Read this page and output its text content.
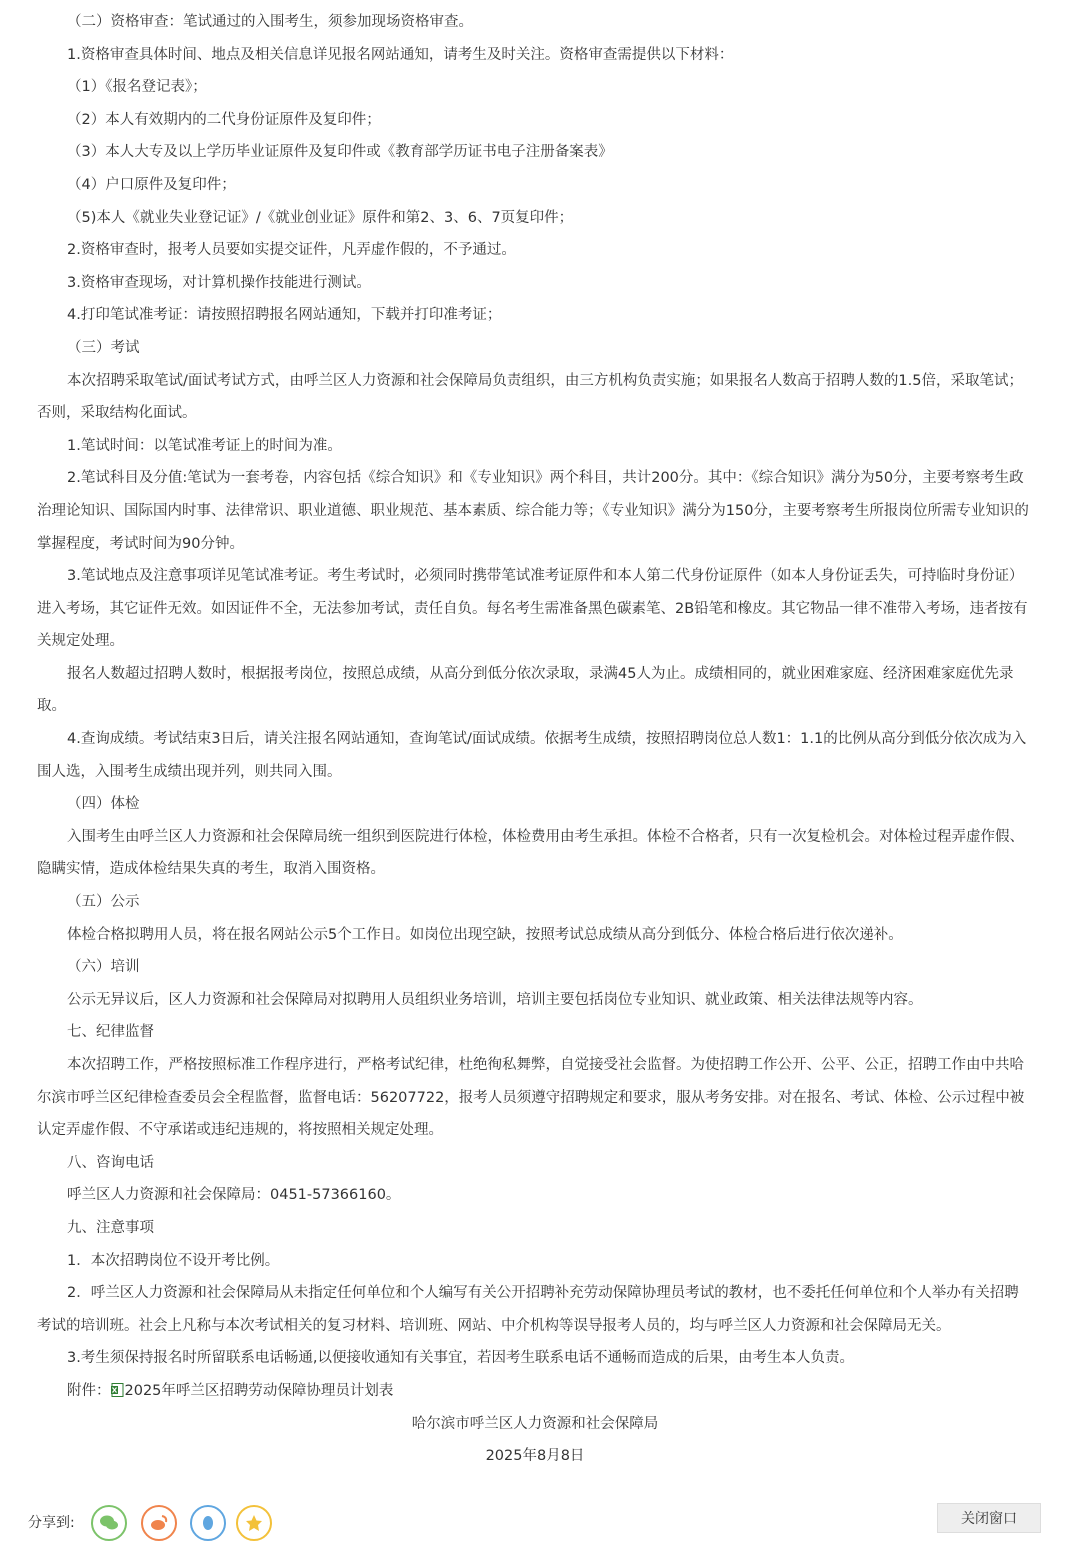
（二）资格审查：笔试通过的入围考生，须参加现场资格审查。

1.资格审查具体时间、地点及相关信息详见报名网站通知，请考生及时关注。资格审查需提供以下材料：

（1）《报名登记表》；

（2）本人有效期内的二代身份证原件及复印件；

（3）本人大专及以上学历毕业证原件及复印件或《教育部学历证书电子注册备案表》

（4）户口原件及复印件；

（5)本人《就业失业登记证》/《就业创业证》原件和第2、3、6、7页复印件；

2.资格审查时，报考人员要如实提交证件，凡弄虚作假的，不予通过。

3.资格审查现场，对计算机操作技能进行测试。

4.打印笔试准考证：请按照招聘报名网站通知，下载并打印准考证；

（三）考试

本次招聘采取笔试/面试考试方式，由呼兰区人力资源和社会保障局负责组织，由三方机构负责实施；如果报名人数高于招聘人数的1.5倍，采取笔试；否则，采取结构化面试。

1.笔试时间：以笔试准考证上的时间为准。

2.笔试科目及分值:笔试为一套考卷，内容包括《综合知识》和《专业知识》两个科目，共计200分。其中：《综合知识》满分为50分，主要考察考生政治理论知识、国际国内时事、法律常识、职业道德、职业规范、基本素质、综合能力等；《专业知识》满分为150分，主要考察考生所报岗位所需专业知识的掌握程度，考试时间为90分钟。

3.笔试地点及注意事项详见笔试准考证。考生考试时，必须同时携带笔试准考证原件和本人第二代身份证原件（如本人身份证丢失，可持临时身份证）进入考场，其它证件无效。如因证件不全，无法参加考试，责任自负。每名考生需准备黑色碳素笔、2B铅笔和橡皮。其它物品一律不准带入考场，违者按有关规定处理。

报名人数超过招聘人数时，根据报考岗位，按照总成绩，从高分到低分依次录取，录满45人为止。成绩相同的，就业困难家庭、经济困难家庭优先录取。

4.查询成绩。考试结束3日后，请关注报名网站通知，查询笔试/面试成绩。依据考生成绩，按照招聘岗位总人数1：1.1的比例从高分到低分依次成为入围人选，入围考生成绩出现并列，则共同入围。

（四）体检

入围考生由呼兰区人力资源和社会保障局统一组织到医院进行体检，体检费用由考生承担。体检不合格者，只有一次复检机会。对体检过程弄虚作假、隐瞒实情，造成体检结果失真的考生，取消入围资格。

（五）公示

体检合格拟聘用人员，将在报名网站公示5个工作日。如岗位出现空缺，按照考试总成绩从高分到低分、体检合格后进行依次递补。

（六）培训

公示无异议后，区人力资源和社会保障局对拟聘用人员组织业务培训，培训主要包括岗位专业知识、就业政策、相关法律法规等内容。

七、纪律监督

本次招聘工作，严格按照标准工作程序进行，严格考试纪律，杜绝徇私舞弊，自觉接受社会监督。为使招聘工作公开、公平、公正，招聘工作由中共哈尔滨市呼兰区纪律检查委员会全程监督，监督电话：56207722，报考人员须遵守招聘规定和要求，服从考务安排。对在报名、考试、体检、公示过程中被认定弄虚作假、不守承诺或违纪违规的，将按照相关规定处理。

八、咨询电话

呼兰区人力资源和社会保障局：0451-57366160。

九、注意事项

1．本次招聘岗位不设开考比例。

2．呼兰区人力资源和社会保障局从未指定任何单位和个人编写有关公开招聘补充劳动保障协理员考试的教材，也不委托任何单位和个人举办有关招聘考试的培训班。社会上凡称与本次考试相关的复习材料、培训班、网站、中介机构等误导报考人员的，均与呼兰区人力资源和社会保障局无关。

3.考生须保持报名时所留联系电话畅通,以便接收通知有关事宜，若因考生联系电话不通畅而造成的后果，由考生本人负责。

附件： 2025年呼兰区招聘劳动保障协理员计划表

哈尔滨市呼兰区人力资源和社会保障局

2025年8月8日

分享到:	关闭窗口
